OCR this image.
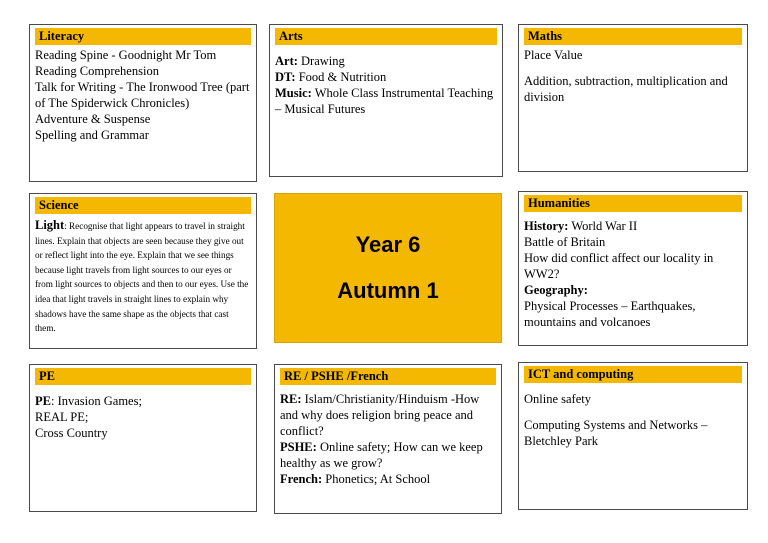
Literacy

Reading Spine - Goodnight Mr Tom

Reading Comprehension

Talk for Writing - The Ironwood Tree (part of The Spiderwick Chronicles)

Adventure & Suspense

Spelling and Grammar

Arts

Art: Drawing

DT: Food & Nutrition

Music: Whole Class Instrumental Teaching – Musical Futures

Maths

Place Value

Addition, subtraction, multiplication and division

Science
Light: Recognise that light appears to travel in straight lines. Explain that objects are seen because they give out or reflect light into the eye. Explain that we see things because light travels from light sources to our eyes or from light sources to objects and then to our eyes. Use the idea that light travels in straight lines to explain why shadows have the same shape as the objects that cast them.
Year 6
Autumn 1
Humanities

History: World War II

Battle of Britain

How did conflict affect our locality in WW2?

Geography:

Physical Processes – Earthquakes, mountains and volcanoes

PE

PE: Invasion Games;

REAL PE;

Cross Country

RE / PSHE /French

RE: Islam/Christianity/Hinduism -How and why does religion bring peace and conflict?

PSHE: Online safety; How can we keep healthy as we grow?

French: Phonetics; At School

ICT and computing

Online safety

Computing Systems and Networks – Bletchley Park
